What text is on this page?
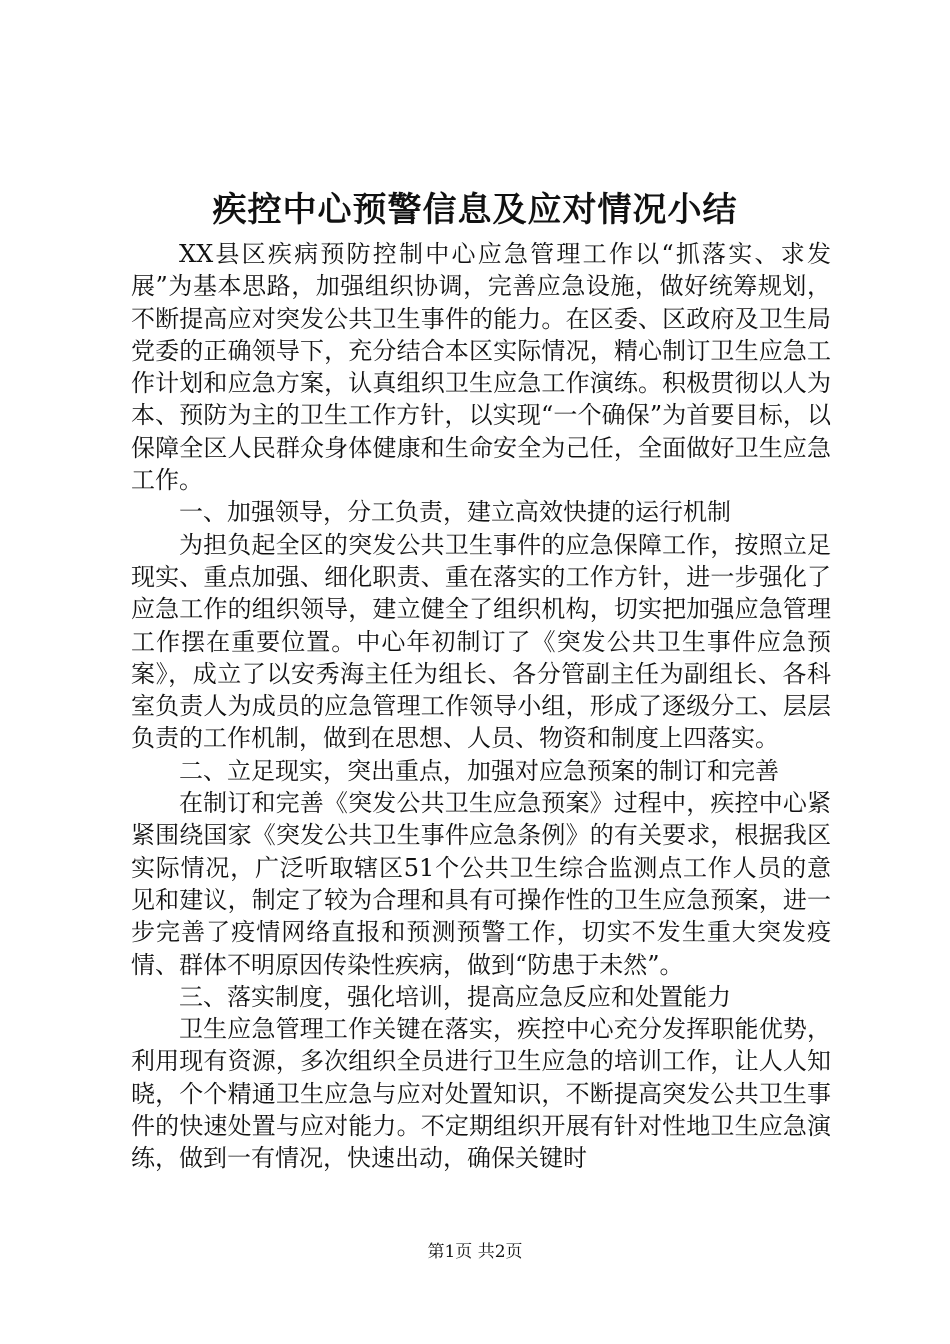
疾控中心预警信息及应对情况小结

XX县区疾病预防控制中心应急管理工作以“抓落实、求发展”为基本思路，加强组织协调，完善应急设施，做好统筹规划，不断提高应对突发公共卫生事件的能力。在区委、区政府及卫生局党委的正确领导下，充分结合本区实际情况，精心制订卫生应急工作计划和应急方案，认真组织卫生应急工作演练。积极贯彻以人为本、预防为主的卫生工作方针，以实现“一个确保”为首要目标，以保障全区人民群众身体健康和生命安全为己任，全面做好卫生应急工作。

一、加强领导，分工负责，建立高效快捷的运行机制

为担负起全区的突发公共卫生事件的应急保障工作，按照立足现实、重点加强、细化职责、重在落实的工作方针，进一步强化了应急工作的组织领导，建立健全了组织机构，切实把加强应急管理工作摆在重要位置。中心年初制订了《突发公共卫生事件应急预案》，成立了以安秀海主任为组长、各分管副主任为副组长、各科室负责人为成员的应急管理工作领导小组，形成了逐级分工、层层负责的工作机制，做到在思想、人员、物资和制度上四落实。

二、立足现实，突出重点，加强对应急预案的制订和完善

在制订和完善《突发公共卫生应急预案》过程中，疾控中心紧紧围绕国家《突发公共卫生事件应急条例》的有关要求，根据我区实际情况，广泛听取辖区51个公共卫生综合监测点工作人员的意见和建议，制定了较为合理和具有可操作性的卫生应急预案，进一步完善了疫情网络直报和预测预警工作，切实不发生重大突发疫情、群体不明原因传染性疾病，做到“防患于未然”。

三、落实制度，强化培训，提高应急反应和处置能力

卫生应急管理工作关键在落实，疾控中心充分发挥职能优势，利用现有资源，多次组织全员进行卫生应急的培训工作，让人人知晓，个个精通卫生应急与应对处置知识，不断提高突发公共卫生事件的快速处置与应对能力。不定期组织开展有针对性地卫生应急演练，做到一有情况，快速出动，确保关键时

第1页 共2页
